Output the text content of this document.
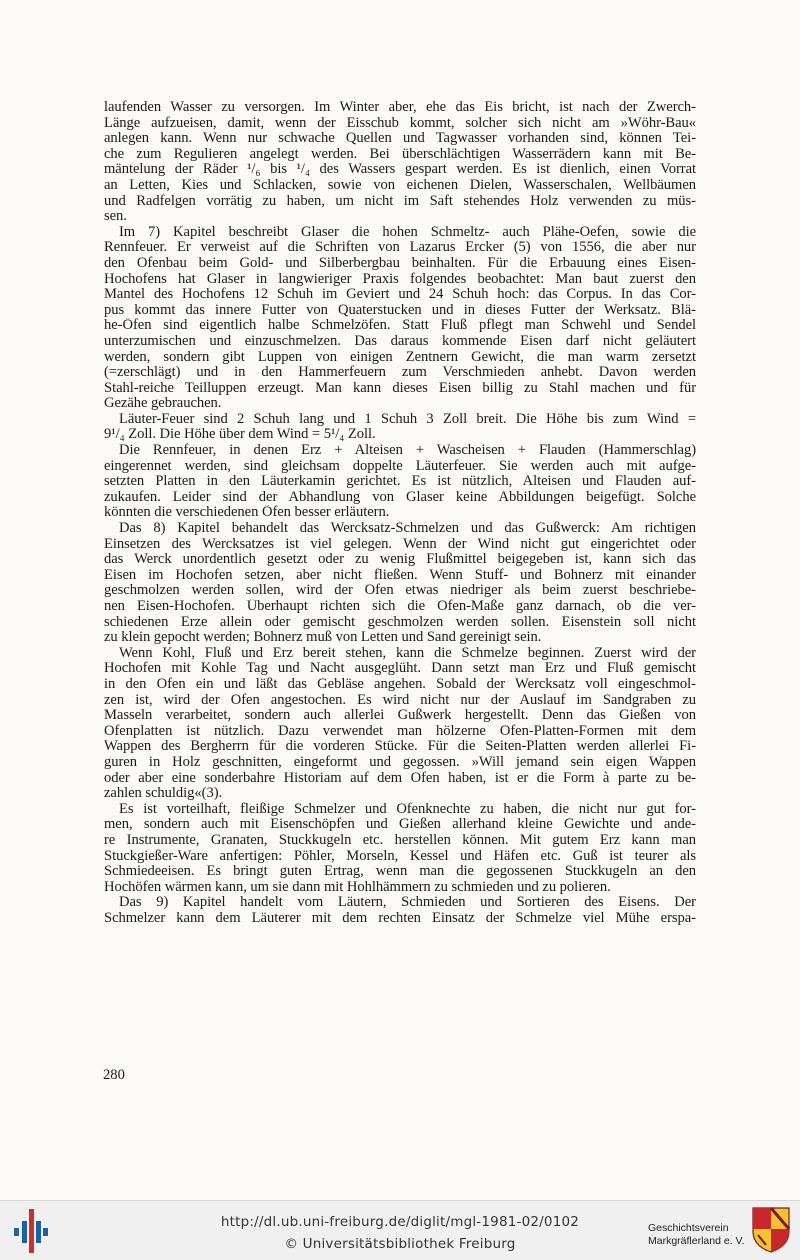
laufenden Wasser zu versorgen. Im Winter aber, ehe das Eis bricht, ist nach der Zwerch-
Länge aufzueisen, damit, wenn der Eisschub kommt, solcher sich nicht am »Wöhr-Bau«
anlegen kann. Wenn nur schwache Quellen und Tagwasser vorhanden sind, können Tei-
che zum Regulieren angelegt werden. Bei überschlächtigen Wasserrädern kann mit Be-
mäntelung der Räder ¹/₆ bis ¹/₄ des Wassers gespart werden. Es ist dienlich, einen Vorrat
an Letten, Kies und Schlacken, sowie von eichenen Dielen, Wasserschalen, Wellbäumen
und Radfelgen vorrätig zu haben, um nicht im Saft stehendes Holz verwenden zu müs-
sen.
Im 7) Kapitel beschreibt Glaser die hohen Schmeltz- auch Plähe-Oefen, sowie die
Rennfeuer. Er verweist auf die Schriften von Lazarus Ercker (5) von 1556, die aber nur
den Ofenbau beim Gold- und Silberbergbau beinhalten. Für die Erbauung eines Eisen-
Hochofens hat Glaser in langwieriger Praxis folgendes beobachtet: Man baut zuerst den
Mantel des Hochofens 12 Schuh im Geviert und 24 Schuh hoch: das Corpus. In das Cor-
pus kommt das innere Futter von Quaterstucken und in dieses Futter der Werksatz. Blä-
he-Öfen sind eigentlich halbe Schmelzöfen. Statt Fluß pflegt man Schwehl und Sendel
unterzumischen und einzuschmelzen. Das daraus kommende Eisen darf nicht geläutert
werden, sondern gibt Luppen von einigen Zentnern Gewicht, die man warm zersetzt
(=zerschlägt) und in den Hammerfeuern zum Verschmieden anhebt. Davon werden
Stahl-reiche Teilluppen erzeugt. Man kann dieses Eisen billig zu Stahl machen und für
Gezähe gebrauchen.
Läuter-Feuer sind 2 Schuh lang und 1 Schuh 3 Zoll breit. Die Höhe bis zum Wind =
9¹/₄ Zoll. Die Höhe über dem Wind = 5¹/₄ Zoll.
Die Rennfeuer, in denen Erz + Alteisen + Wascheisen + Flauden (Hammerschlag)
eingerennet werden, sind gleichsam doppelte Läuterfeuer. Sie werden auch mit aufge-
setzten Platten in den Läuterkamin gerichtet. Es ist nützlich, Alteisen und Flauden auf-
zukaufen. Leider sind der Abhandlung von Glaser keine Abbildungen beigefügt. Solche
könnten die verschiedenen Öfen besser erläutern.
Das 8) Kapitel behandelt das Wercksatz-Schmelzen und das Gußwerck: Am richtigen
Einsetzen des Wercksatzes ist viel gelegen. Wenn der Wind nicht gut eingerichtet oder
das Werck unordentlich gesetzt oder zu wenig Flußmittel beigegeben ist, kann sich das
Eisen im Hochofen setzen, aber nicht fließen. Wenn Stuff- und Bohnerz mit einander
geschmolzen werden sollen, wird der Ofen etwas niedriger als beim zuerst beschriebe-
nen Eisen-Hochofen. Überhaupt richten sich die Ofen-Maße ganz darnach, ob die ver-
schiedenen Erze allein oder gemischt geschmolzen werden sollen. Eisenstein soll nicht
zu klein gepocht werden; Bohnerz muß von Letten und Sand gereinigt sein.
Wenn Kohl, Fluß und Erz bereit stehen, kann die Schmelze beginnen. Zuerst wird der
Hochofen mit Kohle Tag und Nacht ausgeglüht. Dann setzt man Erz und Fluß gemischt
in den Ofen ein und läßt das Gebläse angehen. Sobald der Wercksatz voll eingeschmol-
zen ist, wird der Ofen angestochen. Es wird nicht nur der Auslauf im Sandgraben zu
Masseln verarbeitet, sondern auch allerlei Gußwerk hergestellt. Denn das Gießen von
Ofenplatten ist nützlich. Dazu verwendet man hölzerne Ofen-Platten-Formen mit dem
Wappen des Bergherrn für die vorderen Stücke. Für die Seiten-Platten werden allerlei Fi-
guren in Holz geschnitten, eingeformt und gegossen. »Will jemand sein eigen Wappen
oder aber eine sonderbahre Historiam auf dem Ofen haben, ist er die Form à parte zu be-
zahlen schuldig«(3).
Es ist vorteilhaft, fleißige Schmelzer und Ofenknechte zu haben, die nicht nur gut for-
men, sondern auch mit Eisenschöpfen und Gießen allerhand kleine Gewichte und ande-
re Instrumente, Granaten, Stuckkugeln etc. herstellen können. Mit gutem Erz kann man
Stuckgießer-Ware anfertigen: Pöhler, Morseln, Kessel und Häfen etc. Guß ist teurer als
Schmiedeeisen. Es bringt guten Ertrag, wenn man die gegossenen Stuckkugeln an den
Hochöfen wärmen kann, um sie dann mit Hohlhämmern zu schmieden und zu polieren.
Das 9) Kapitel handelt vom Läutern, Schmieden und Sortieren des Eisens. Der
Schmelzer kann dem Läuterer mit dem rechten Einsatz der Schmelze viel Mühe erspa-
280
http://dl.ub.uni-freiburg.de/diglit/mgl-1981-02/0102
© Universitätsbibliothek Freiburg
Geschichtsverein
Markgräflerland e. V.
